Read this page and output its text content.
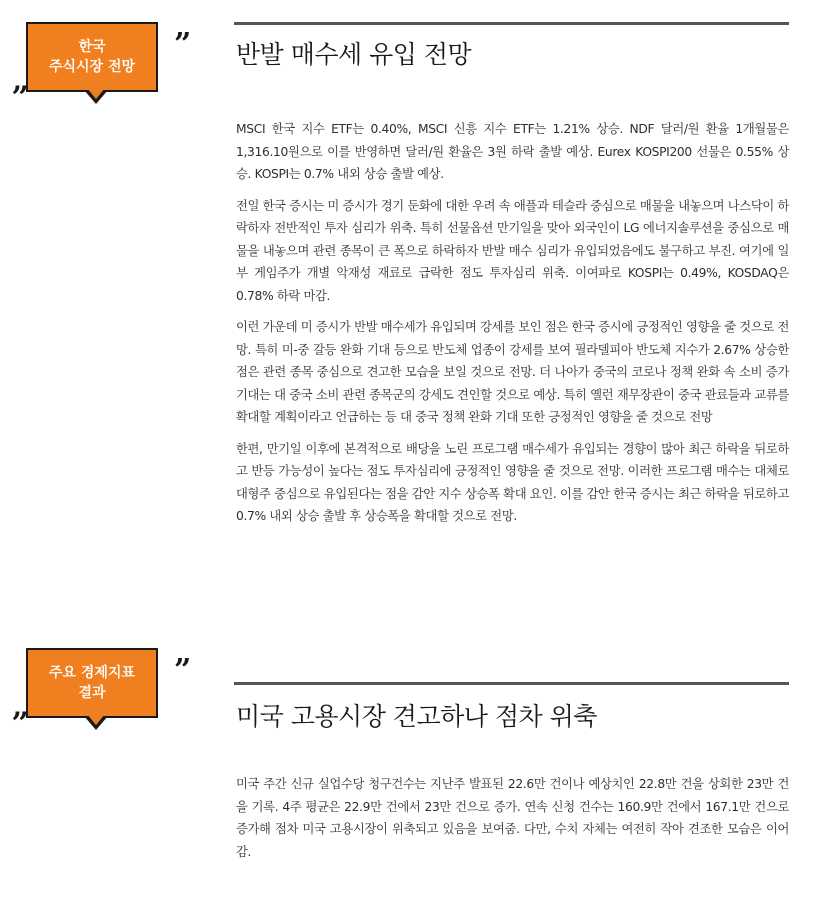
한국
주식시장 전망
”
„
반발 매수세 유입 전망

MSCI 한국 지수 ETF는 0.40%, MSCI 신흥 지수 ETF는 1.21% 상승. NDF 달러/원 환율 1개월물은 1,316.10원으로 이를 반영하면 달러/원 환율은 3원 하락 출발 예상. Eurex KOSPI200 선물은 0.55% 상승. KOSPI는 0.7% 내외 상승 출발 예상.

전일 한국 증시는 미 증시가 경기 둔화에 대한 우려 속 애플과 테슬라 중심으로 매물을 내놓으며 나스닥이 하락하자 전반적인 투자 심리가 위축. 특히 선물옵션 만기일을 맞아 외국인이 LG 에너지솔루션을 중심으로 매물을 내놓으며 관련 종목이 큰 폭으로 하락하자 반발 매수 심리가 유입되었음에도 불구하고 부진. 여기에 일부 게임주가 개별 악재성 재료로 급락한 점도 투자심리 위축. 이여파로 KOSPI는 0.49%, KOSDAQ은 0.78% 하락 마감.

이런 가운데 미 증시가 반발 매수세가 유입되며 강세를 보인 점은 한국 증시에 긍정적인 영향을 줄 것으로 전망. 특히 미-중 갈등 완화 기대 등으로 반도체 업종이 강세를 보여 필라델피아 반도체 지수가 2.67% 상승한 점은 관련 종목 중심으로 견고한 모습을 보일 것으로 전망. 더 나아가 중국의 코로나 정책 완화 속 소비 증가 기대는 대 중국 소비 관련 종목군의 강세도 견인할 것으로 예상. 특히 옐런 재무장관이 중국 관료들과 교류를 확대할 계획이라고 언급하는 등 대 중국 정책 완화 기대 또한 긍정적인 영향을 줄 것으로 전망

한편, 만기일 이후에 본격적으로 배당을 노린 프로그램 매수세가 유입되는 경향이 많아 최근 하락을 뒤로하고 반등 가능성이 높다는 점도 투자심리에 긍정적인 영향을 줄 것으로 전망. 이러한 프로그램 매수는 대체로 대형주 중심으로 유입된다는 점을 감안 지수 상승폭 확대 요인. 이를 감안 한국 증시는 최근 하락을 뒤로하고 0.7% 내외 상승 출발 후 상승폭을 확대할 것으로 전망.

주요 경제지표
결과
”
„	미국 고용시장 견고하나 점차 위축

미국 주간 신규 실업수당 청구건수는 지난주 발표된 22.6만 건이나 예상치인 22.8만 건을 상회한 23만 건을 기록. 4주 평균은 22.9만 건에서 23만 건으로 증가. 연속 신청 건수는 160.9만 건에서 167.1만 건으로 증가해 점차 미국 고용시장이 위축되고 있음을 보여줌. 다만, 수치 자체는 여전히 작아 견조한 모습은 이어감.
